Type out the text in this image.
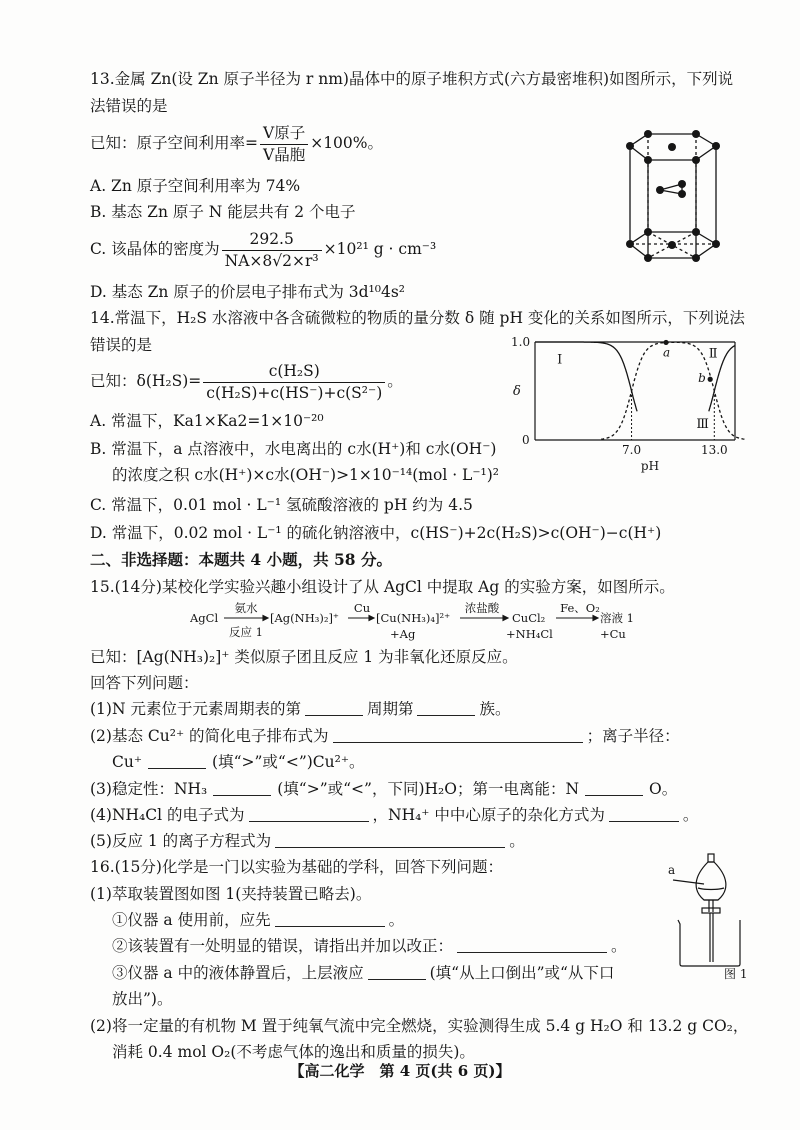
13.金属 Zn(设 Zn 原子半径为 r nm)晶体中的原子堆积方式(六方最密堆积)如图所示，下列说
法错误的是
已知：原子空间利用率= $\frac{\text{V原子}}{\text{V晶胞}} \times 100\%$。
A. Zn 原子空间利用率为 74%
B. 基态 Zn 原子 N 能层共有 2 个电子
C. 该晶体的密度为 $\frac{292.5}{\text{NA×8√2×r³}} \times 10^{21}$ g · cm⁻³
D. 基态 Zn 原子的价层电子排布式为 3d¹⁰4s²
14.常温下，H₂S 水溶液中各含硫微粒的物质的量分数 δ 随 pH 变化的关系如图所示，下列说法
错误的是
已知：$\delta(H_2S)= \frac{\text{c(H₂S)}}{\text{c(H₂S)+c(HS⁻)+c(S²⁻)}}$ 。
A. 常温下，Ka1×Ka2=1×10⁻²⁰
B. 常温下，a 点溶液中，水电离出的 c水(H⁺)和 c水(OH⁻)
的浓度之积 c水(H⁺)×c水(OH⁻)>1×10⁻¹⁴(mol · L⁻¹)²
C. 常温下，0.01 mol · L⁻¹ 氢硫酸溶液的 pH 约为 4.5
D. 常温下，0.02 mol · L⁻¹ 的硫化钠溶液中，c(HS⁻)+2c(H₂S)>c(OH⁻)−c(H⁺)
a
b
Ⅰ	Ⅱ
Ⅲ
1.0
0
δ
7.0	13.0
pH
二、非选择题：本题共 4 小题，共 58 分。
15.(14分)某校化学实验兴趣小组设计了从 AgCl 中提取 Ag 的实验方案，如图所示。
AgCl
氨水
反应 1
[Ag(NH₃)₂]⁺
Cu
[Cu(NH₃)₄]²⁺
+Ag
浓盐酸
CuCl₂
+NH₄Cl
Fe、O₂
溶液 1
+Cu
已知：[Ag(NH₃)₂]⁺ 类似原子团且反应 1 为非氧化还原反应。
回答下列问题：
(1)N 元素位于元素周期表的第	周期第	族。
(2)基态 Cu²⁺ 的简化电子排布式为	；离子半径：
Cu⁺	(填“>”或“<”)Cu²⁺。
(3)稳定性：NH₃	(填“>”或“<”，下同)H₂O；第一电离能：N	O。
(4)NH₄Cl 的电子式为	，NH₄⁺ 中中心原子的杂化方式为	。
(5)反应 1 的离子方程式为	。
16.(15分)化学是一门以实验为基础的学科，回答下列问题：
(1)萃取装置图如图 1(夹持装置已略去)。
①仪器 a 使用前，应先	。
②该装置有一处明显的错误，请指出并加以改正：	。
③仪器 a 中的液体静置后，上层液应	(填“从上口倒出”或“从下口
放出”)。
(2)将一定量的有机物 M 置于纯氧气流中完全燃烧，实验测得生成 5.4 g H₂O 和 13.2 g CO₂，
消耗 0.4 mol O₂(不考虑气体的逸出和质量的损失)。
a
图 1
【高二化学　第 4 页(共 6 页)】
